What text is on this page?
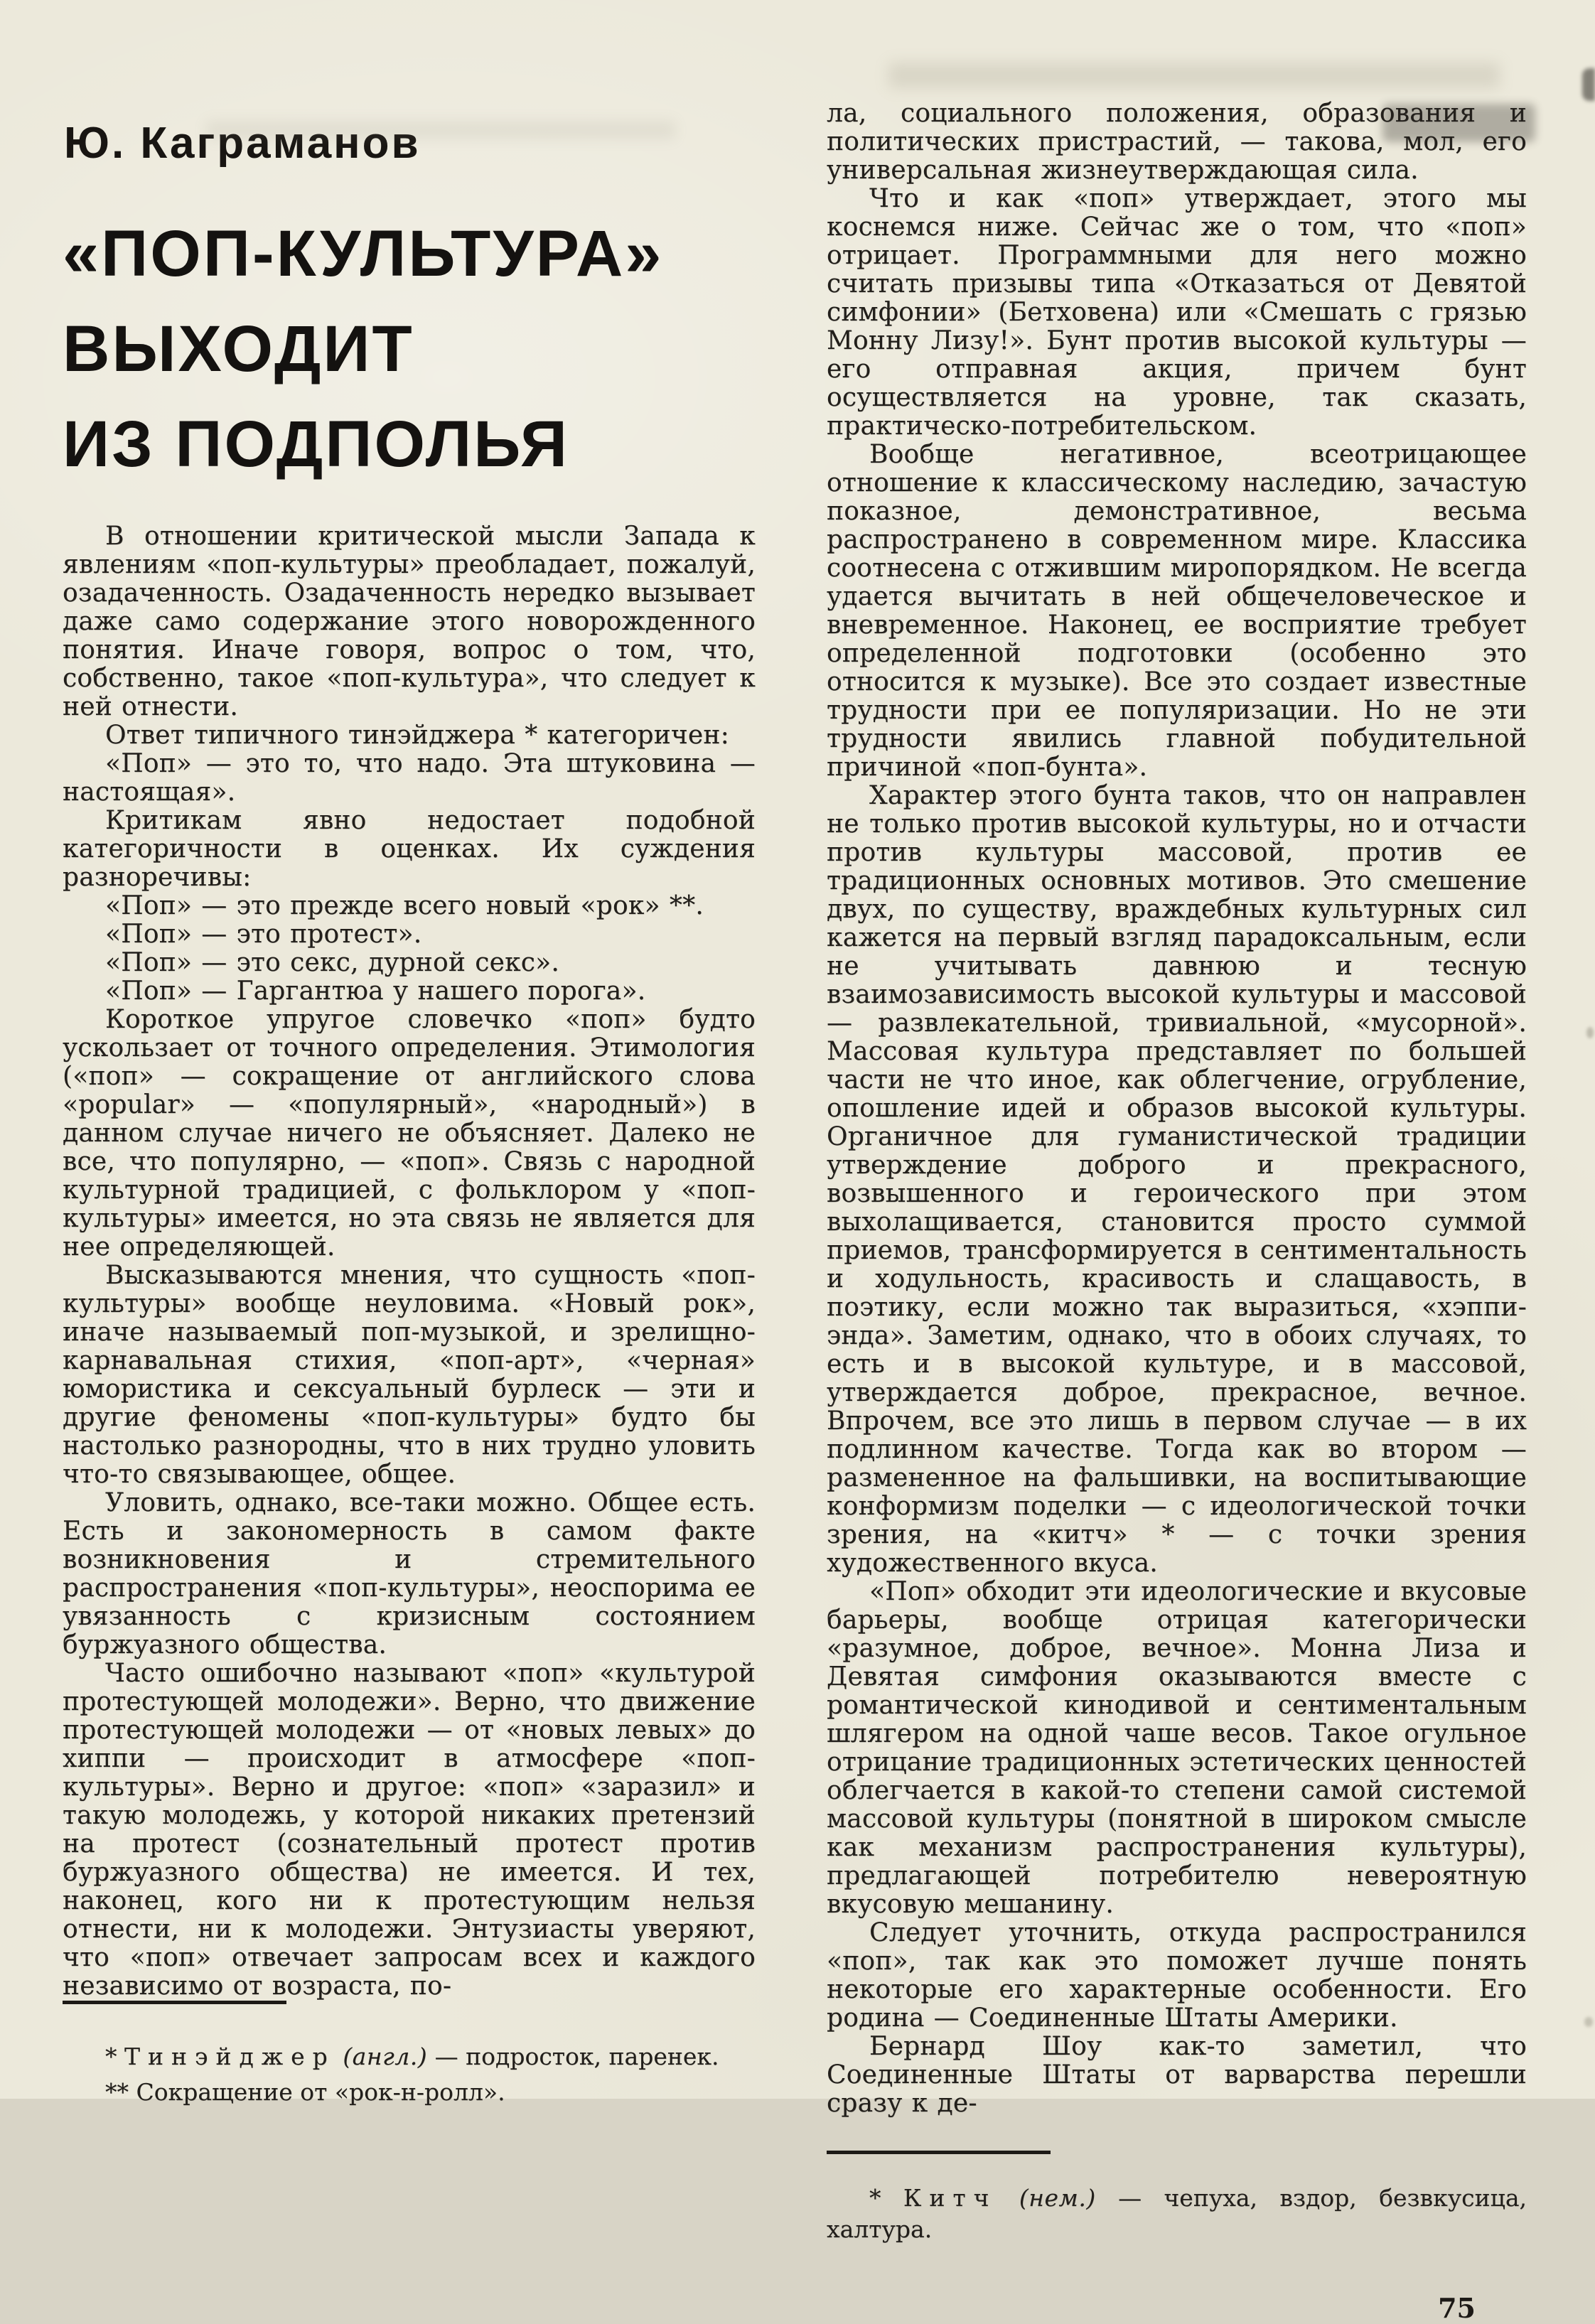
Ю. Каграманов
«ПОП-КУЛЬТУРА»
ВЫХОДИТ
ИЗ ПОДПОЛЬЯ

В отношении критической мысли Запада к явлениям «поп-культуры» преобладает, пожалуй, озадаченность. Озадаченность нередко вызывает даже само содержание этого новорожденного понятия. Иначе говоря, вопрос о том, что, собственно, такое «поп-культура», что следует к ней отнести.

Ответ типичного тинэйджера * категоричен:

«Поп» — это то, что надо. Эта штуковина — настоящая».

Критикам явно недостает подобной категоричности в оценках. Их суждения разноречивы:

«Поп» — это прежде всего новый «рок» **.

«Поп» — это протест».

«Поп» — это секс, дурной секс».

«Поп» — Гаргантюа у нашего порога».

Короткое упругое словечко «поп» будто ускользает от точного определения. Этимология («поп» — сокращение от английского слова «popular» — «популярный», «народный») в данном случае ничего не объясняет. Далеко не все, что популярно, — «поп». Связь с народной культурной традицией, с фольклором у «поп-культуры» имеется, но эта связь не является для нее определяющей.

Высказываются мнения, что сущность «поп-культуры» вообще неуловима. «Новый рок», иначе называемый поп-музыкой, и зрелищно-карнавальная стихия, «поп-арт», «черная» юмористика и сексуальный бурлеск — эти и другие феномены «поп-культуры» будто бы настолько разнородны, что в них трудно уловить что-то связывающее, общее.

Уловить, однако, все-таки можно. Общее есть. Есть и закономерность в самом факте возникновения и стремительного распространения «поп-культуры», неоспорима ее увязанность с кризисным состоянием буржуазного общества.

Часто ошибочно называют «поп» «культурой протестующей молодежи». Верно, что движение протестующей молодежи — от «новых левых» до хиппи — происходит в атмосфере «поп-культуры». Верно и другое: «поп» «заразил» и такую молодежь, у которой никаких претензий на протест (сознательный протест против буржуазного общества) не имеется. И тех, наконец, кого ни к протестующим нельзя отнести, ни к молодежи. Энтузиасты уверяют, что «поп» отвечает запросам всех и каждого независимо от возраста, по-

* Тинэйджер (англ.) — подросток, паренек.

** Сокращение от «рок-н-ролл».

ла, социального положения, образования и политических пристрастий, — такова, мол, его универсальная жизнеутверждающая сила.

Что и как «поп» утверждает, этого мы коснемся ниже. Сейчас же о том, что «поп» отрицает. Программными для него можно считать призывы типа «Отказаться от Девятой симфонии» (Бетховена) или «Смешать с грязью Монну Лизу!». Бунт против высокой культуры — его отправная акция, причем бунт осуществляется на уровне, так сказать, практическо-потребительском.

Вообще негативное, всеотрицающее отношение к классическому наследию, зачастую показное, демонстративное, весьма распространено в современном мире. Классика соотнесена с отжившим миропорядком. Не всегда удается вычитать в ней общечеловеческое и вневременное. Наконец, ее восприятие требует определенной подготовки (особенно это относится к музыке). Все это создает известные трудности при ее популяризации. Но не эти трудности явились главной побудительной причиной «поп-бунта».

Характер этого бунта таков, что он направлен не только против высокой культуры, но и отчасти против культуры массовой, против ее традиционных основных мотивов. Это смешение двух, по существу, враждебных культурных сил кажется на первый взгляд парадоксальным, если не учитывать давнюю и тесную взаимозависимость высокой культуры и массовой — развлекательной, тривиальной, «мусорной». Массовая культура представляет по большей части не что иное, как облегчение, огрубление, опошление идей и образов высокой культуры. Органичное для гуманистической традиции утверждение доброго и прекрасного, возвышенного и героического при этом выхолащивается, становится просто суммой приемов, трансформируется в сентиментальность и ходульность, красивость и слащавость, в поэтику, если можно так выразиться, «хэппи-энда». Заметим, однако, что в обоих случаях, то есть и в высокой культуре, и в массовой, утверждается доброе, прекрасное, вечное. Впрочем, все это лишь в первом случае — в их подлинном качестве. Тогда как во втором — размененное на фальшивки, на воспитывающие конформизм поделки — с идеологической точки зрения, на «китч» * — с точки зрения художественного вкуса.

«Поп» обходит эти идеологические и вкусовые барьеры, вообще отрицая категорически «разумное, доброе, вечное». Монна Лиза и Девятая симфония оказываются вместе с романтической кинодивой и сентиментальным шлягером на одной чаше весов. Такое огульное отрицание традиционных эстетических ценностей облегчается в какой-то степени самой системой массовой культуры (понятной в широком смысле как механизм распространения культуры), предлагающей потребителю невероятную вкусовую мешанину.

Следует уточнить, откуда распространился «поп», так как это поможет лучше понять некоторые его характерные особенности. Его родина — Соединенные Штаты Америки.

Бернард Шоу как-то заметил, что Соединенные Штаты от варварства перешли сразу к де-

* Китч (нем.) — чепуха, вздор, безвкусица, халтура.

75
